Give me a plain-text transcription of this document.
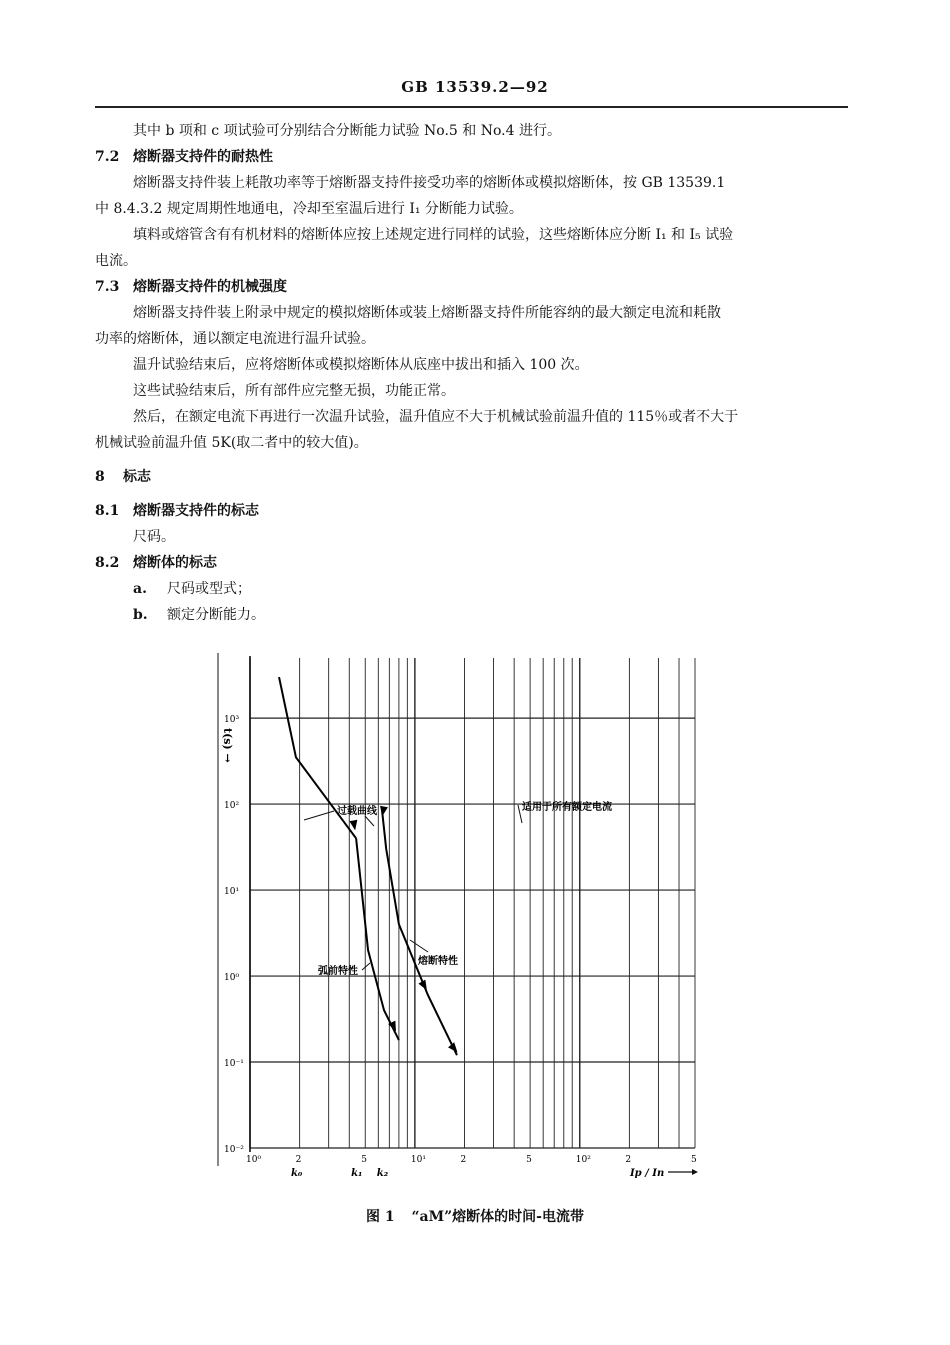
GB 13539.2—92

其中 b 项和 c 项试验可分别结合分断能力试验 No.5 和 No.4 进行。

7.2 熔断器支持件的耐热性

熔断器支持件装上耗散功率等于熔断器支持件接受功率的熔断体或模拟熔断体，按 GB 13539.1

中 8.4.3.2 规定周期性地通电，冷却至室温后进行 I₁ 分断能力试验。

填料或熔管含有有机材料的熔断体应按上述规定进行同样的试验，这些熔断体应分断 I₁ 和 I₅ 试验

电流。

7.3 熔断器支持件的机械强度

熔断器支持件装上附录中规定的模拟熔断体或装上熔断器支持件所能容纳的最大额定电流和耗散

功率的熔断体，通以额定电流进行温升试验。

温升试验结束后，应将熔断体或模拟熔断体从底座中拔出和插入 100 次。

这些试验结束后，所有部件应完整无损，功能正常。

然后，在额定电流下再进行一次温升试验，温升值应不大于机械试验前温升值的 115％或者不大于

机械试验前温升值 5K(取二者中的较大值)。

8	标志
8.1 熔断器支持件的标志

尺码。

8.2 熔断体的标志
a.	尺码或型式；
b.	额定分断能力。
10³
10²
10¹
10⁰
10⁻¹
10⁻²
t(s) →
10⁰	2	5	10¹	2	5	10²	2	5
k₀	k₁ k₂	Ip / In
过载曲线	适用于所有额定电流
弧前特性
熔断特性
图 1 “aM”熔断体的时间-电流带
